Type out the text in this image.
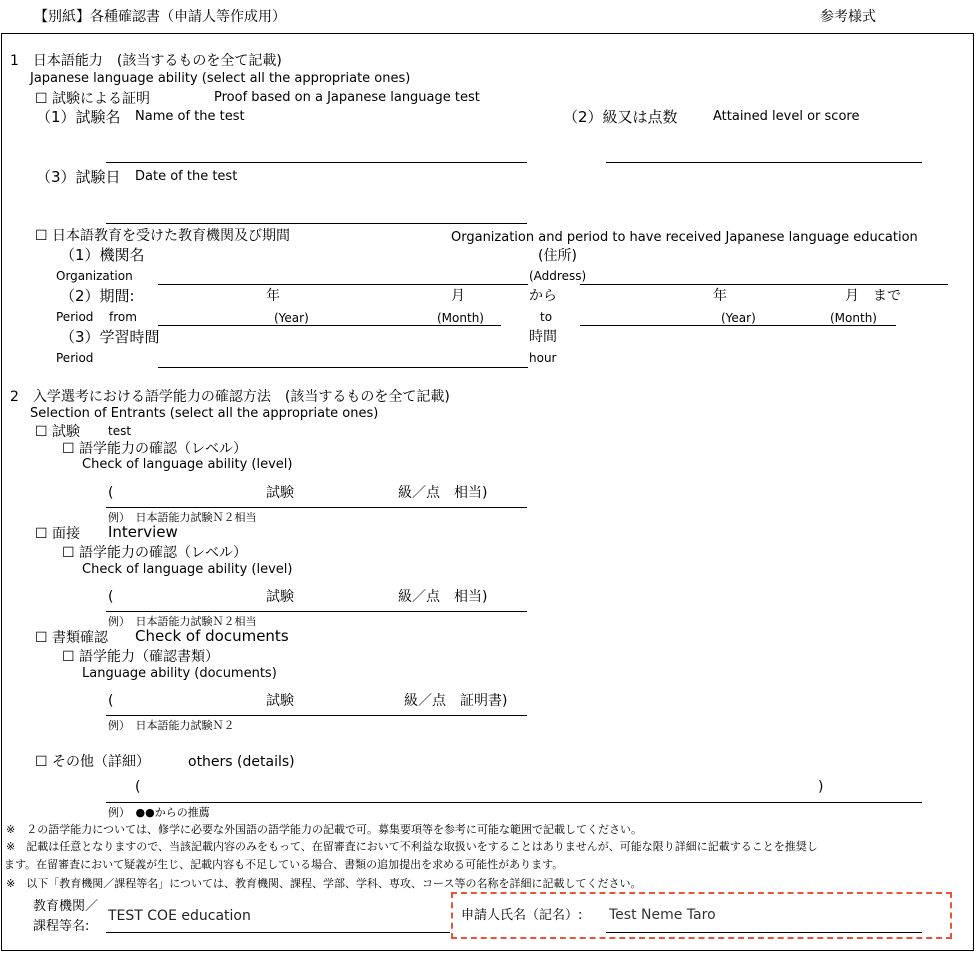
【別紙】各種確認書（申請人等作成用）	参考様式
1　日本語能力　(該当するものを全て記載)
Japanese language ability (select all the appropriate ones)
☐ 試験による証明	Proof based on a Japanese language test
（1）試験名 Name of the test	（2）級又は点数	Attained level or score
（3）試験日 Date of the test
☐ 日本語教育を受けた教育機関及び期間	Organization and period to have received Japanese language education
（1）機関名	(住所)
Organization	(Address)
（2）期間:	年	月	から	年	月 まで
Period from	(Year)	(Month)	to	(Year)	(Month)
（3）学習時間	時間
Period	hour
2　入学選考における語学能力の確認方法　(該当するものを全て記載)
Selection of Entrants (select all the appropriate ones)
☐ 試験 test
☐ 語学能力の確認（レベル）
Check of language ability (level)
(	試験	級／点　相当)
例）　日本語能力試験Ｎ２相当
☐ 面接 Interview
☐ 語学能力の確認（レベル）
Check of language ability (level)
(	試験	級／点　相当)
例）　日本語能力試験Ｎ２相当
☐ 書類確認 Check of documents
☐ 語学能力（確認書類）
Language ability (documents)
(	試験	級／点　証明書)
例）　日本語能力試験Ｎ２
☐ その他（詳細）	others (details)
(	)
例）　●●からの推薦
※　２の語学能力については、修学に必要な外国語の語学能力の記載で可。募集要項等を参考に可能な範囲で記載してください。
※　記載は任意となりますので、当該記載内容のみをもって、在留審査において不利益な取扱いをすることはありませんが、可能な限り詳細に記載することを推奨し
ます。在留審査において疑義が生じ、記載内容も不足している場合、書類の追加提出を求める可能性があります。
※　以下「教育機関／課程等名」については、教育機関、課程、学部、学科、専攻、コース等の名称を詳細に記載してください。
教育機関／
課程等名:
TEST COE education	申請人氏名（記名）: Test Neme Taro
